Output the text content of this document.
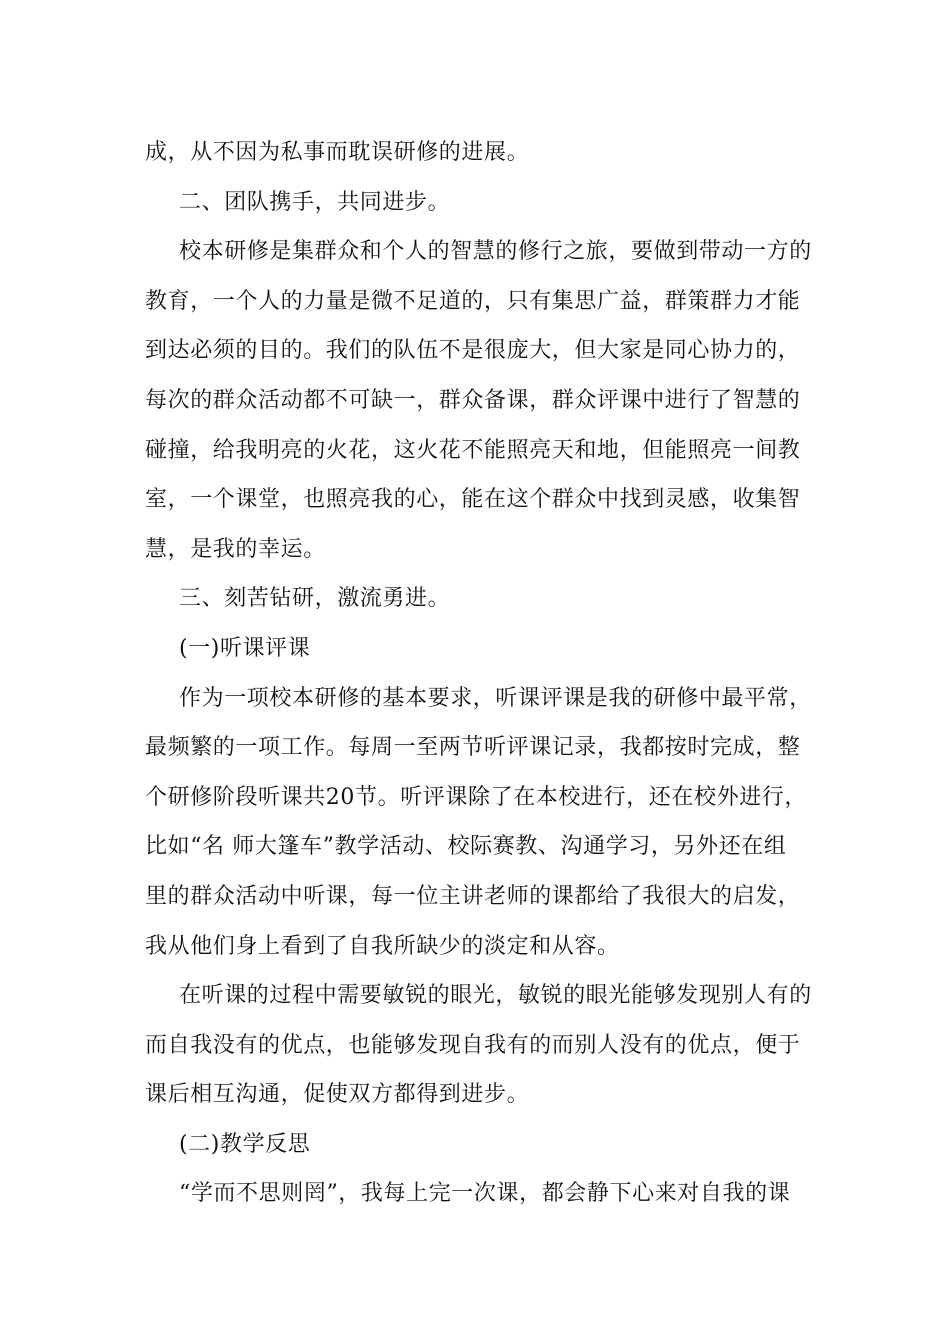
成，从不因为私事而耽误研修的进展。
二、团队携手，共同进步。
校本研修是集群众和个人的智慧的修行之旅，要做到带动一方的
教育，一个人的力量是微不足道的，只有集思广益，群策群力才能
到达必须的目的。我们的队伍不是很庞大，但大家是同心协力的，
每次的群众活动都不可缺一，群众备课，群众评课中进行了智慧的
碰撞，给我明亮的火花，这火花不能照亮天和地，但能照亮一间教
室，一个课堂，也照亮我的心，能在这个群众中找到灵感，收集智
慧，是我的幸运。
三、刻苦钻研，激流勇进。
(一)听课评课
作为一项校本研修的基本要求，听课评课是我的研修中最平常，
最频繁的一项工作。每周一至两节听评课记录，我都按时完成，整
个研修阶段听课共20节。听评课除了在本校进行，还在校外进行，
比如“名 师大篷车”教学活动、校际赛教、沟通学习，另外还在组
里的群众活动中听课，每一位主讲老师的课都给了我很大的启发，
我从他们身上看到了自我所缺少的淡定和从容。
在听课的过程中需要敏锐的眼光，敏锐的眼光能够发现别人有的
而自我没有的优点，也能够发现自我有的而别人没有的优点，便于
课后相互沟通，促使双方都得到进步。
(二)教学反思
“学而不思则罔”，我每上完一次课，都会静下心来对自我的课
